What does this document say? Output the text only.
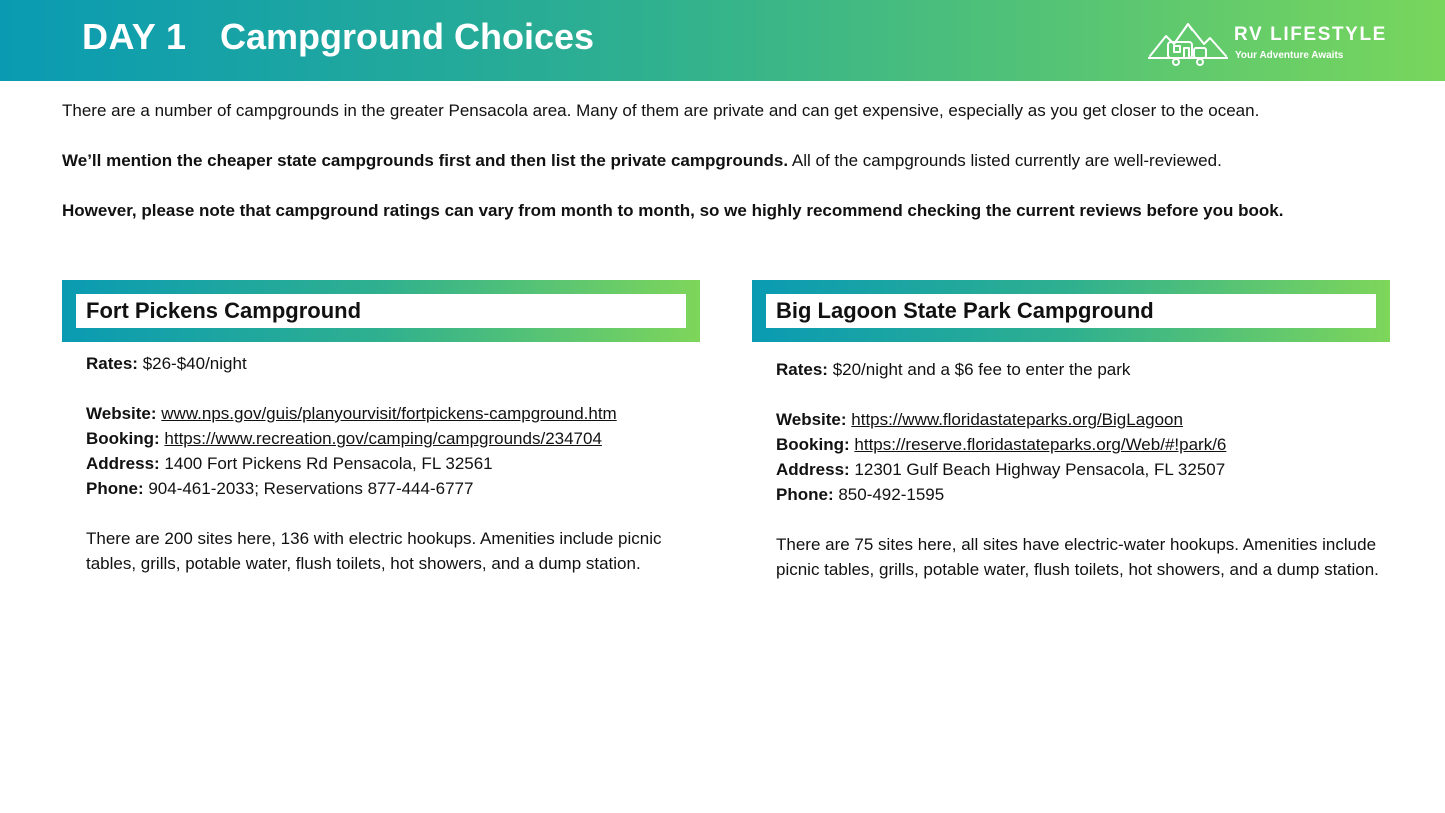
DAY 1 Campground Choices	RV LIFESTYLE
Your Adventure Awaits

There are a number of campgrounds in the greater Pensacola area. Many of them are private and can get expensive, especially as you get closer to the ocean.

We’ll mention the cheaper state campgrounds first and then list the private campgrounds. All of the campgrounds listed currently are well-reviewed.

However, please note that campground ratings can vary from month to month, so we highly recommend checking the current reviews before you book.

Fort Pickens Campground
Rates: $26-$40/night
Website: www.nps.gov/guis/planyourvisit/fortpickens-campground.htm
Booking: https://www.recreation.gov/camping/campgrounds/234704
Address: 1400 Fort Pickens Rd Pensacola, FL 32561
Phone: 904-461-2033; Reservations 877-444-6777
There are 200 sites here, 136 with electric hookups. Amenities include picnic tables, grills, potable water, flush toilets, hot showers, and a dump station.
Big Lagoon State Park Campground
Rates: $20/night and a $6 fee to enter the park
Website: https://www.floridastateparks.org/BigLagoon
Booking: https://reserve.floridastateparks.org/Web/#!park/6
Address: 12301 Gulf Beach Highway Pensacola, FL 32507
Phone: 850-492-1595
There are 75 sites here, all sites have electric-water hookups. Amenities include picnic tables, grills, potable water, flush toilets, hot showers, and a dump station.
